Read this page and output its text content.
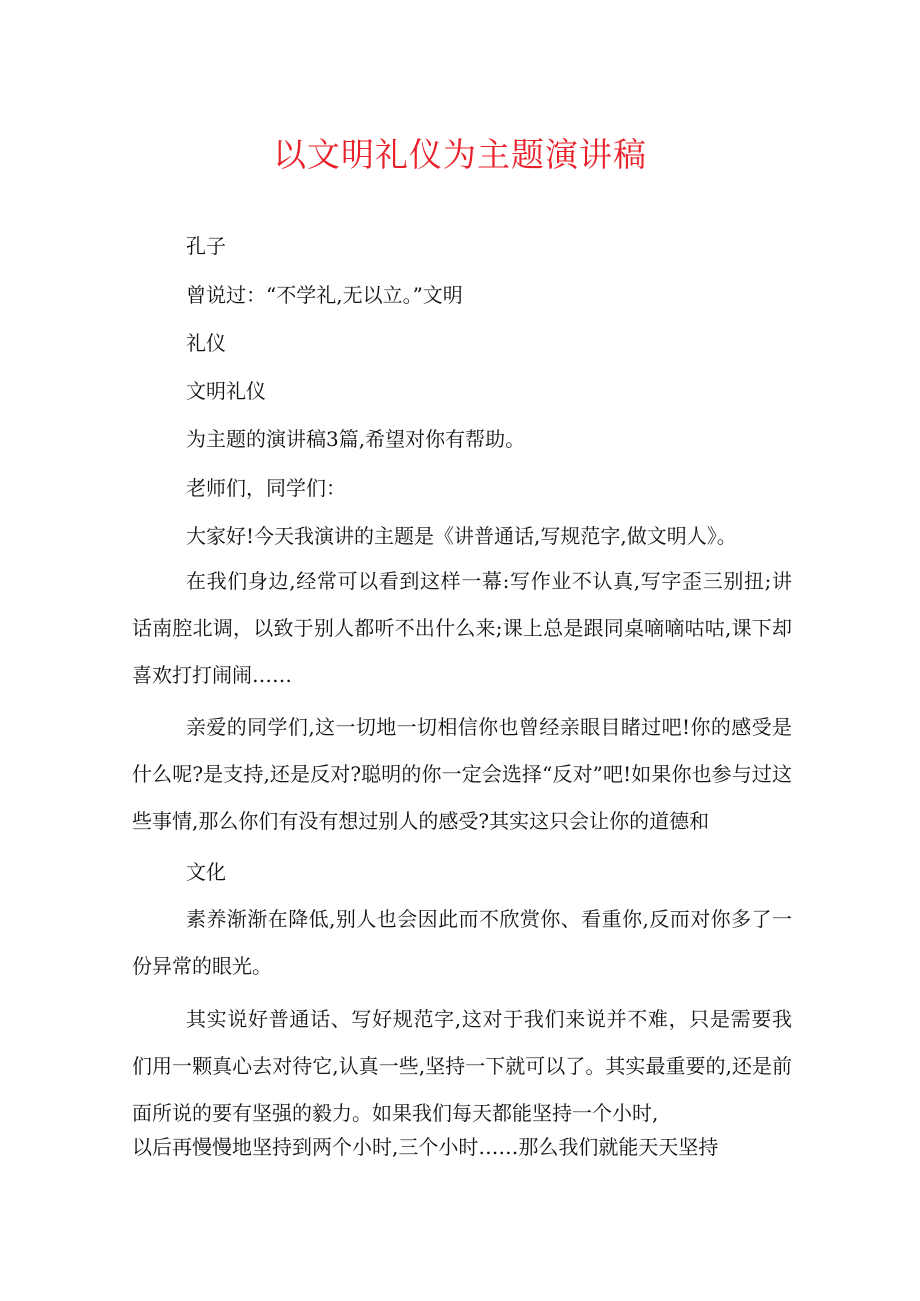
以文明礼仪为主题演讲稿
孔子
曾说过：“不学礼,无以立。”文明
礼仪
文明礼仪
为主题的演讲稿3篇,希望对你有帮助。
老师们，同学们：
大家好!今天我演讲的主题是《讲普通话,写规范字,做文明人》。
在我们身边,经常可以看到这样一幕:写作业不认真,写字歪三别扭;讲话南腔北调，以致于别人都听不出什么来;课上总是跟同桌嘀嘀咕咕,课下却喜欢打打闹闹……
亲爱的同学们,这一切地一切相信你也曾经亲眼目睹过吧!你的感受是什么呢?是支持,还是反对?聪明的你一定会选择“反对”吧!如果你也参与过这些事情,那么你们有没有想过别人的感受?其实这只会让你的道德和
文化
素养渐渐在降低,别人也会因此而不欣赏你、看重你,反而对你多了一份异常的眼光。
其实说好普通话、写好规范字,这对于我们来说并不难，只是需要我们用一颗真心去对待它,认真一些,坚持一下就可以了。其实最重要的,还是前面所说的要有坚强的毅力。如果我们每天都能坚持一个小时,
以后再慢慢地坚持到两个小时,三个小时……那么我们就能天天坚持
